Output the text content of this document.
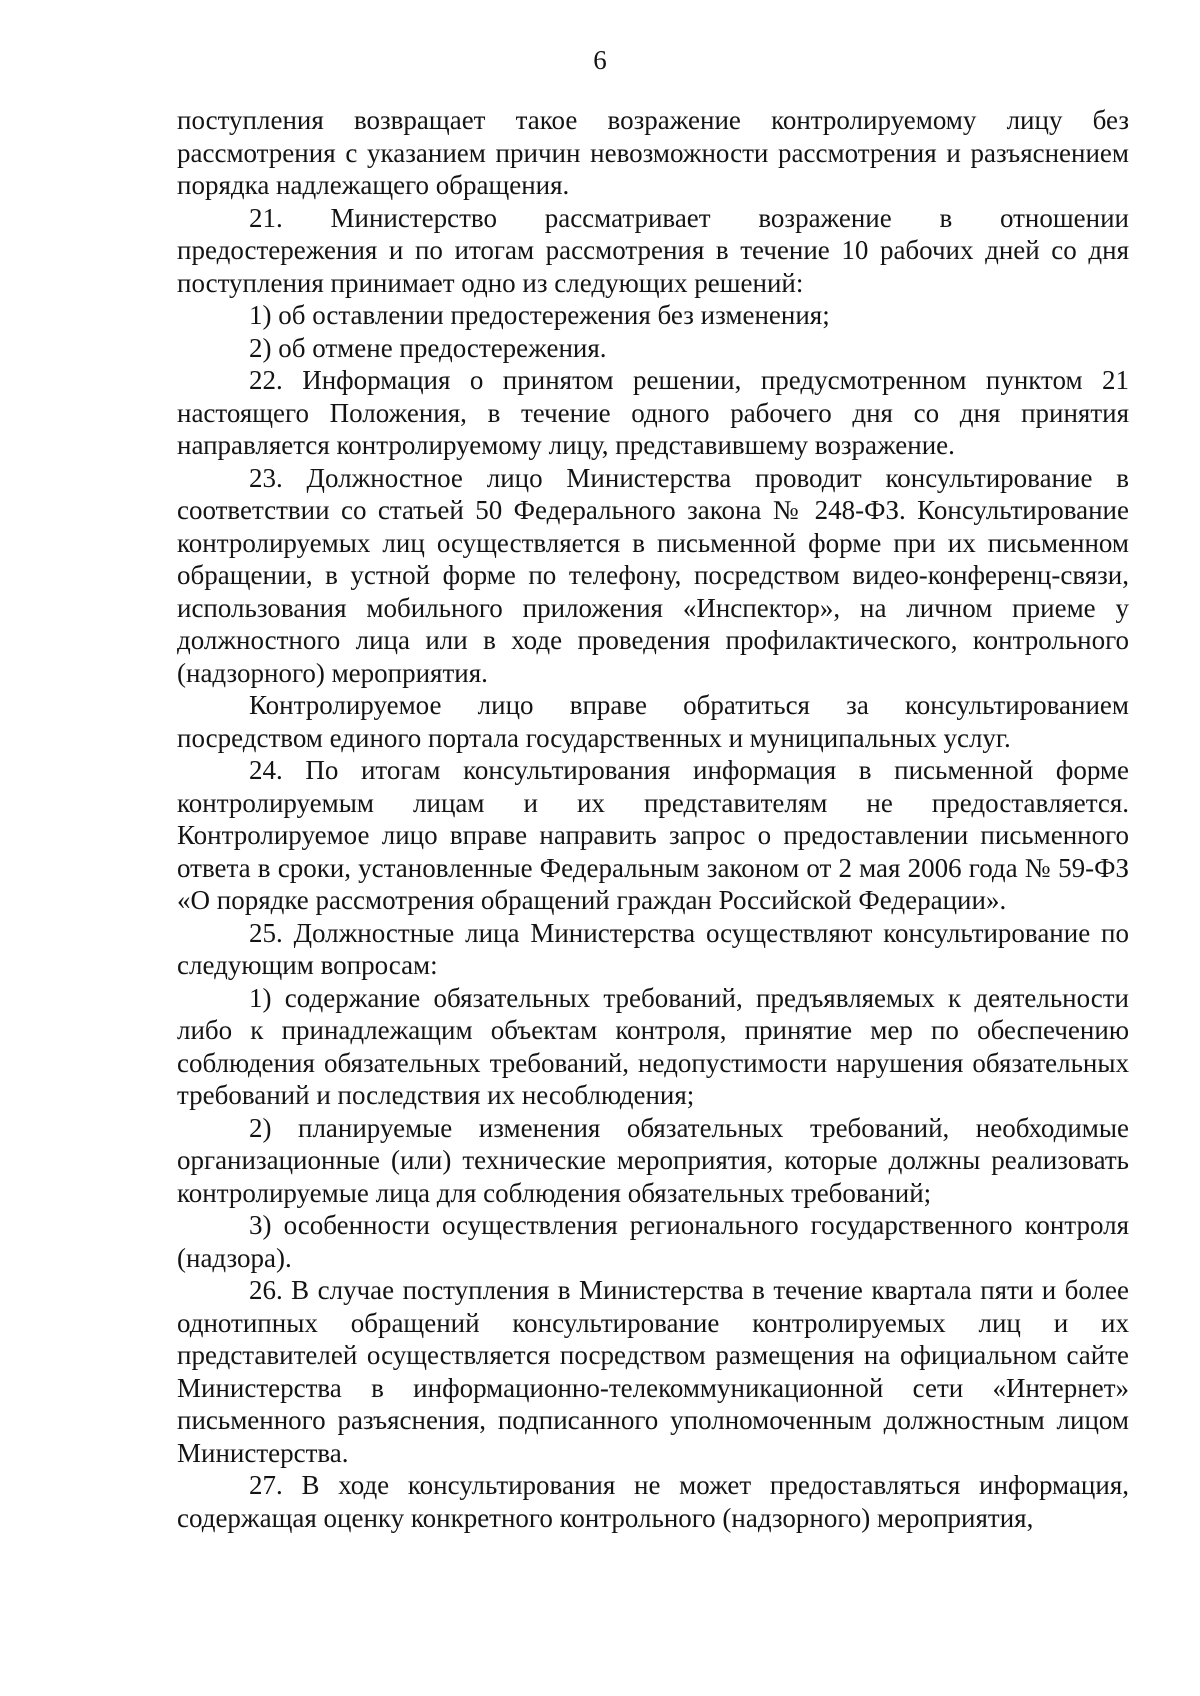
6

поступления возвращает такое возражение контролируемому лицу без рассмотрения с указанием причин невозможности рассмотрения и разъяснением порядка надлежащего обращения.

21. Министерство рассматривает возражение в отношении предостережения и по итогам рассмотрения в течение 10 рабочих дней со дня поступления принимает одно из следующих решений:

1) об оставлении предостережения без изменения;

2) об отмене предостережения.

22. Информация о принятом решении, предусмотренном пунктом 21 настоящего Положения, в течение одного рабочего дня со дня принятия направляется контролируемому лицу, представившему возражение.

23. Должностное лицо Министерства проводит консультирование в соответствии со статьей 50 Федерального закона № 248-ФЗ. Консультирование контролируемых лиц осуществляется в письменной форме при их письменном обращении, в устной форме по телефону, посредством видео-конференц-связи, использования мобильного приложения «Инспектор», на личном приеме у должностного лица или в ходе проведения профилактического, контрольного (надзорного) мероприятия.

Контролируемое лицо вправе обратиться за консультированием посредством единого портала государственных и муниципальных услуг.

24. По итогам консультирования информация в письменной форме контролируемым лицам и их представителям не предоставляется. Контролируемое лицо вправе направить запрос о предоставлении письменного ответа в сроки, установленные Федеральным законом от 2 мая 2006 года № 59-ФЗ «О порядке рассмотрения обращений граждан Российской Федерации».

25. Должностные лица Министерства осуществляют консультирование по следующим вопросам:

1) содержание обязательных требований, предъявляемых к деятельности либо к принадлежащим объектам контроля, принятие мер по обеспечению соблюдения обязательных требований, недопустимости нарушения обязательных требований и последствия их несоблюдения;

2) планируемые изменения обязательных требований, необходимые организационные (или) технические мероприятия, которые должны реализовать контролируемые лица для соблюдения обязательных требований;

3) особенности осуществления регионального государственного контроля (надзора).

26. В случае поступления в Министерства в течение квартала пяти и более однотипных обращений консультирование контролируемых лиц и их представителей осуществляется посредством размещения на официальном сайте Министерства в информационно-телекоммуникационной сети «Интернет» письменного разъяснения, подписанного уполномоченным должностным лицом Министерства.

27. В ходе консультирования не может предоставляться информация, содержащая оценку конкретного контрольного (надзорного) мероприятия,
